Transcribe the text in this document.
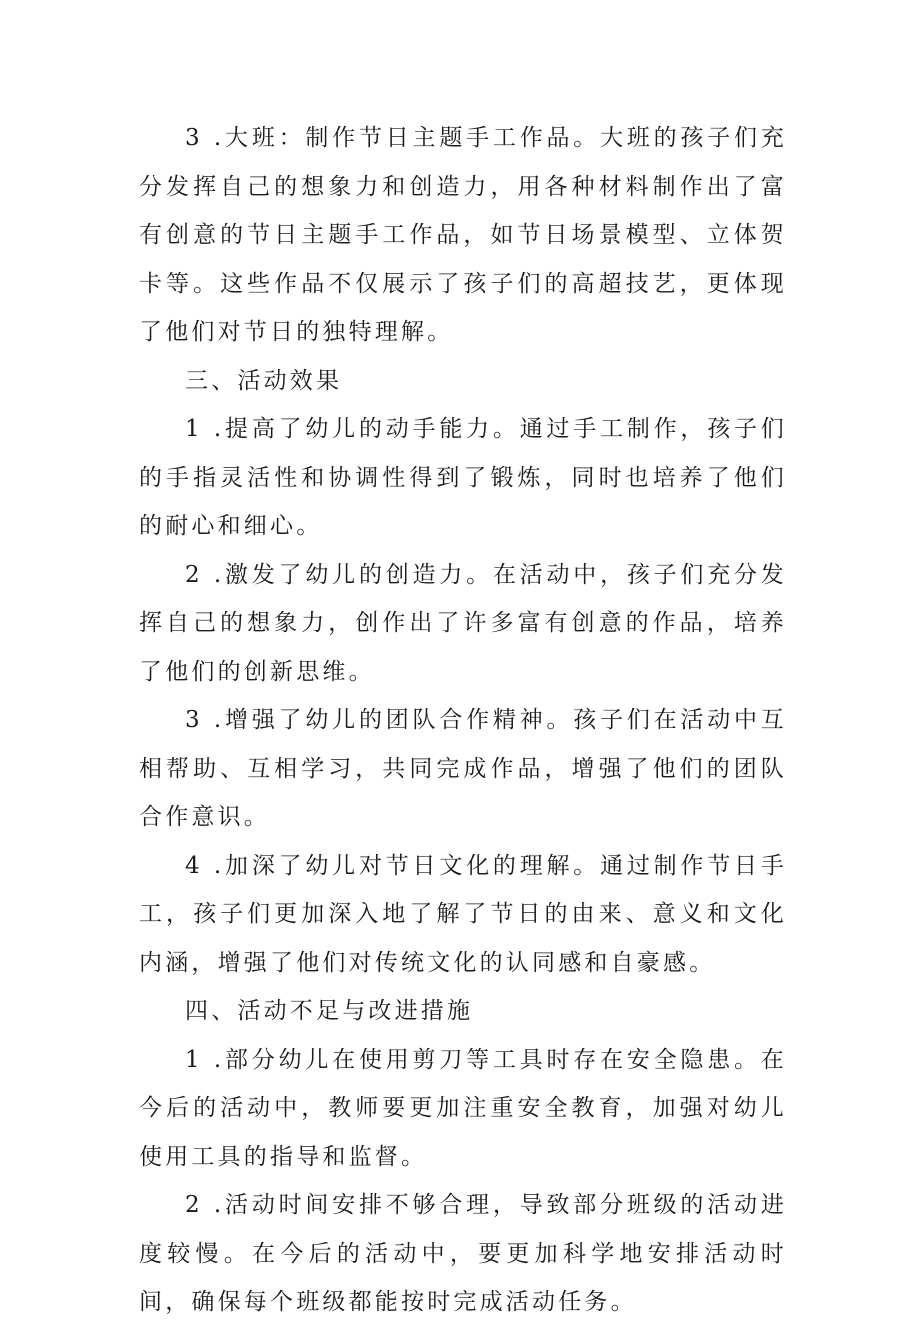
3 .大班：制作节日主题手工作品。大班的孩子们充分发挥自己的想象力和创造力，用各种材料制作出了富有创意的节日主题手工作品，如节日场景模型、立体贺卡等。这些作品不仅展示了孩子们的高超技艺，更体现了他们对节日的独特理解。

三、活动效果

1 .提高了幼儿的动手能力。通过手工制作，孩子们的手指灵活性和协调性得到了锻炼，同时也培养了他们的耐心和细心。

2 .激发了幼儿的创造力。在活动中，孩子们充分发挥自己的想象力，创作出了许多富有创意的作品，培养了他们的创新思维。

3 .增强了幼儿的团队合作精神。孩子们在活动中互相帮助、互相学习，共同完成作品，增强了他们的团队合作意识。

4 .加深了幼儿对节日文化的理解。通过制作节日手工，孩子们更加深入地了解了节日的由来、意义和文化内涵，增强了他们对传统文化的认同感和自豪感。

四、活动不足与改进措施

1 .部分幼儿在使用剪刀等工具时存在安全隐患。在今后的活动中，教师要更加注重安全教育，加强对幼儿使用工具的指导和监督。

2 .活动时间安排不够合理，导致部分班级的活动进度较慢。在今后的活动中，要更加科学地安排活动时间，确保每个班级都能按时完成活动任务。
